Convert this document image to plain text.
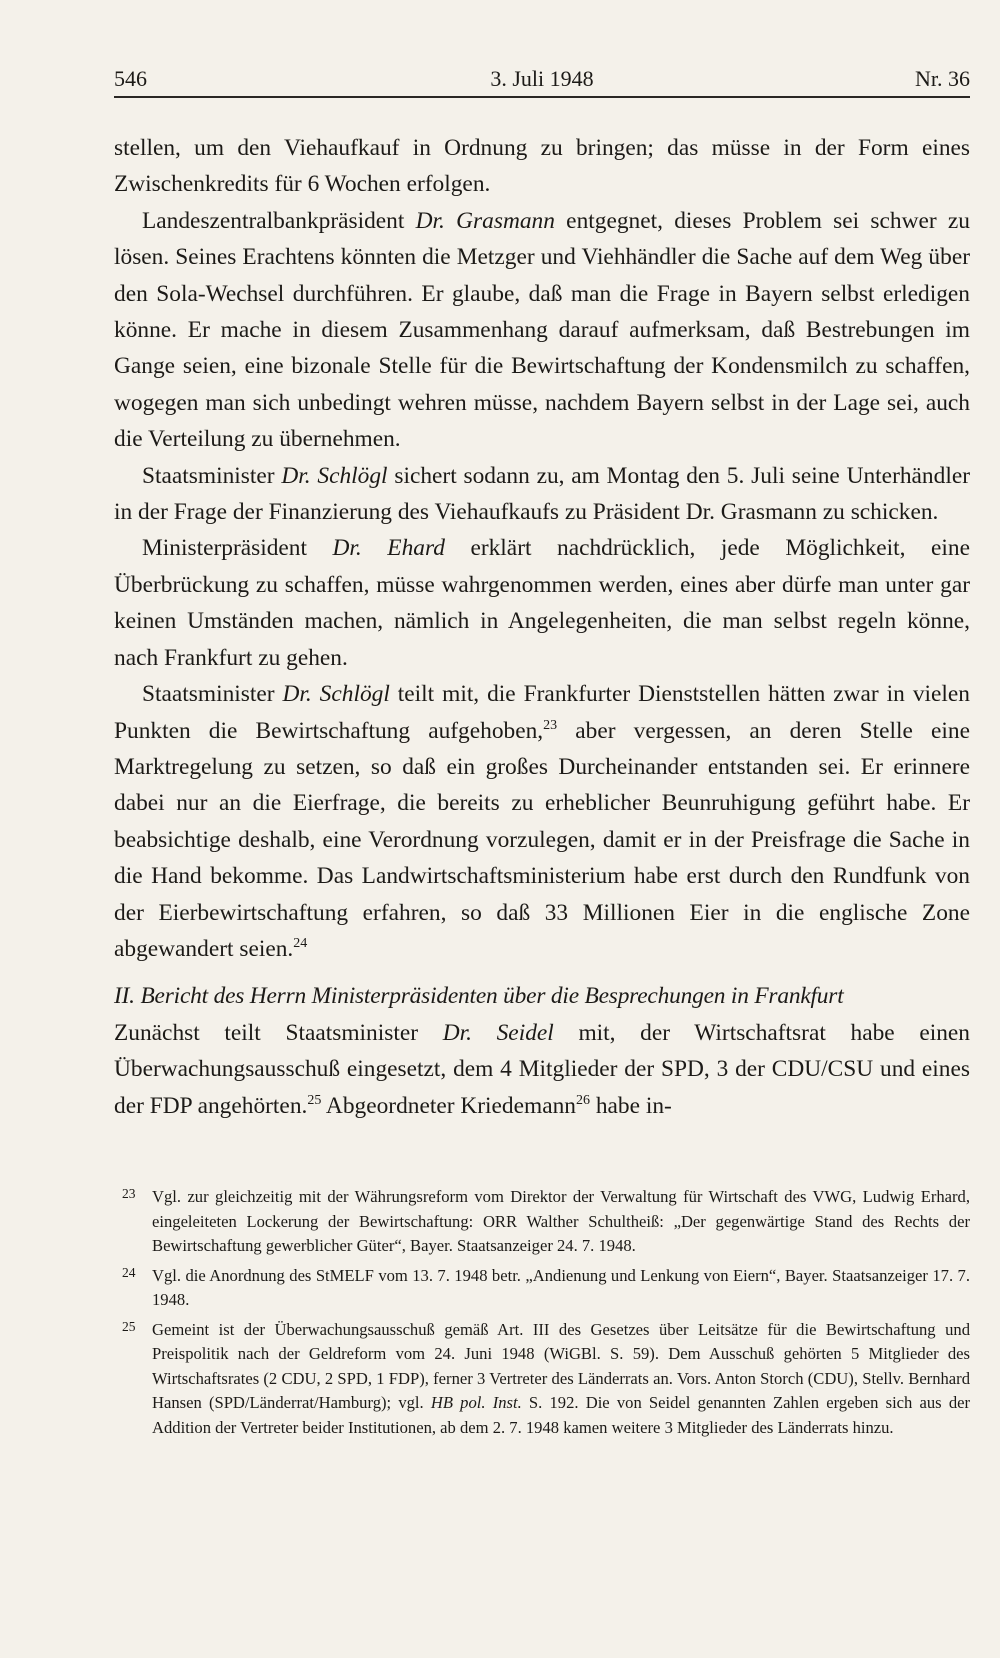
546	3. Juli 1948	Nr. 36

stellen, um den Viehaufkauf in Ordnung zu bringen; das müsse in der Form eines Zwischenkredits für 6 Wochen erfolgen.

Landeszentralbankpräsident Dr. Grasmann entgegnet, dieses Problem sei schwer zu lösen. Seines Erachtens könnten die Metzger und Viehhändler die Sache auf dem Weg über den Sola-Wechsel durchführen. Er glaube, daß man die Frage in Bayern selbst erledigen könne. Er mache in diesem Zusammenhang darauf aufmerksam, daß Bestrebungen im Gange seien, eine bizonale Stelle für die Bewirtschaftung der Kondensmilch zu schaffen, wogegen man sich unbedingt wehren müsse, nachdem Bayern selbst in der Lage sei, auch die Verteilung zu übernehmen.

Staatsminister Dr. Schlögl sichert sodann zu, am Montag den 5. Juli seine Unterhändler in der Frage der Finanzierung des Viehaufkaufs zu Präsident Dr. Grasmann zu schicken.

Ministerpräsident Dr. Ehard erklärt nachdrücklich, jede Möglichkeit, eine Überbrückung zu schaffen, müsse wahrgenommen werden, eines aber dürfe man unter gar keinen Umständen machen, nämlich in Angelegenheiten, die man selbst regeln könne, nach Frankfurt zu gehen.

Staatsminister Dr. Schlögl teilt mit, die Frankfurter Dienststellen hätten zwar in vielen Punkten die Bewirtschaftung aufgehoben,$^{23}$ aber vergessen, an deren Stelle eine Marktregelung zu setzen, so daß ein großes Durcheinander entstanden sei. Er erinnere dabei nur an die Eierfrage, die bereits zu erheblicher Beunruhigung geführt habe. Er beabsichtige deshalb, eine Verordnung vorzulegen, damit er in der Preisfrage die Sache in die Hand bekomme. Das Landwirtschaftsministerium habe erst durch den Rundfunk von der Eierbewirtschaftung erfahren, so daß 33 Millionen Eier in die englische Zone abgewandert seien.$^{24}$

II. Bericht des Herrn Ministerpräsidenten über die Besprechungen in Frankfurt

Zunächst teilt Staatsminister Dr. Seidel mit, der Wirtschaftsrat habe einen Überwachungsausschuß eingesetzt, dem 4 Mitglieder der SPD, 3 der CDU/CSU und eines der FDP angehörten.$^{25}$ Abgeordneter Kriedemann$^{26}$ habe in-

23 Vgl. zur gleichzeitig mit der Währungsreform vom Direktor der Verwaltung für Wirtschaft des VWG, Ludwig Erhard, eingeleiteten Lockerung der Bewirtschaftung: ORR Walther Schultheiß: „Der gegenwärtige Stand des Rechts der Bewirtschaftung gewerblicher Güter“, Bayer. Staatsanzeiger 24. 7. 1948.

24 Vgl. die Anordnung des StMELF vom 13. 7. 1948 betr. „Andienung und Lenkung von Eiern“, Bayer. Staatsanzeiger 17. 7. 1948.

25 Gemeint ist der Überwachungsausschuß gemäß Art. III des Gesetzes über Leitsätze für die Bewirtschaftung und Preispolitik nach der Geldreform vom 24. Juni 1948 (WiGBl. S. 59). Dem Ausschuß gehörten 5 Mitglieder des Wirtschaftsrates (2 CDU, 2 SPD, 1 FDP), ferner 3 Vertreter des Länderrats an. Vors. Anton Storch (CDU), Stellv. Bernhard Hansen (SPD/Länderrat/Hamburg); vgl. HB pol. Inst. S. 192. Die von Seidel genannten Zahlen ergeben sich aus der Addition der Vertreter beider Institutionen, ab dem 2. 7. 1948 kamen weitere 3 Mitglieder des Länderrats hinzu.
